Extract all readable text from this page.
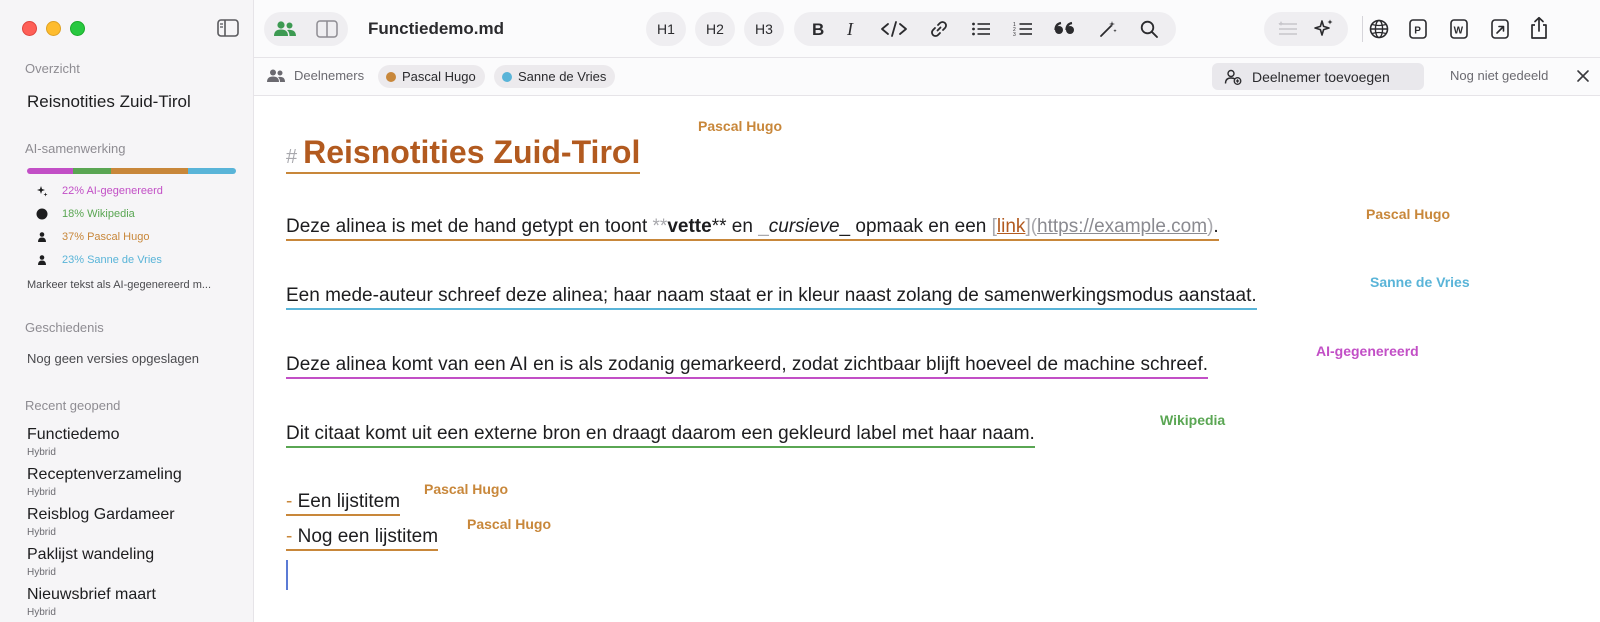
Overzicht
Reisnotities Zuid-Tirol
AI-samenwerking
22% AI-gegenereerd
18% Wikipedia
37% Pascal Hugo
23% Sanne de Vries
Markeer tekst als AI-gegenereerd m...
Geschiedenis
Nog geen versies opgeslagen
Recent geopend
Functiedemo
Hybrid
Receptenverzameling
Hybrid
Reisblog Gardameer
Hybrid
Paklijst wandeling
Hybrid
Nieuwsbrief maart
Hybrid
Functiedemo.md	H1	H2	H3	B I	1
2
3	P	W
Deelnemers	Pascal Hugo	Sanne de Vries	Deelnemer toevoegen	Nog niet gedeeld
# Reisnotities Zuid-Tirol
Pascal Hugo
Deze alinea is met de hand getypt en toont **vette** en _cursieve_ opmaak en een [link](https://example.com).
Pascal Hugo
Een mede-auteur schreef deze alinea; haar naam staat er in kleur naast zolang de samenwerkingsmodus aanstaat.
Sanne de Vries
Deze alinea komt van een AI en is als zodanig gemarkeerd, zodat zichtbaar blijft hoeveel de machine schreef.
AI-gegenereerd
Dit citaat komt uit een externe bron en draagt daarom een gekleurd label met haar naam.
Wikipedia
- Een lijstitem
Pascal Hugo
- Nog een lijstitem
Pascal Hugo
